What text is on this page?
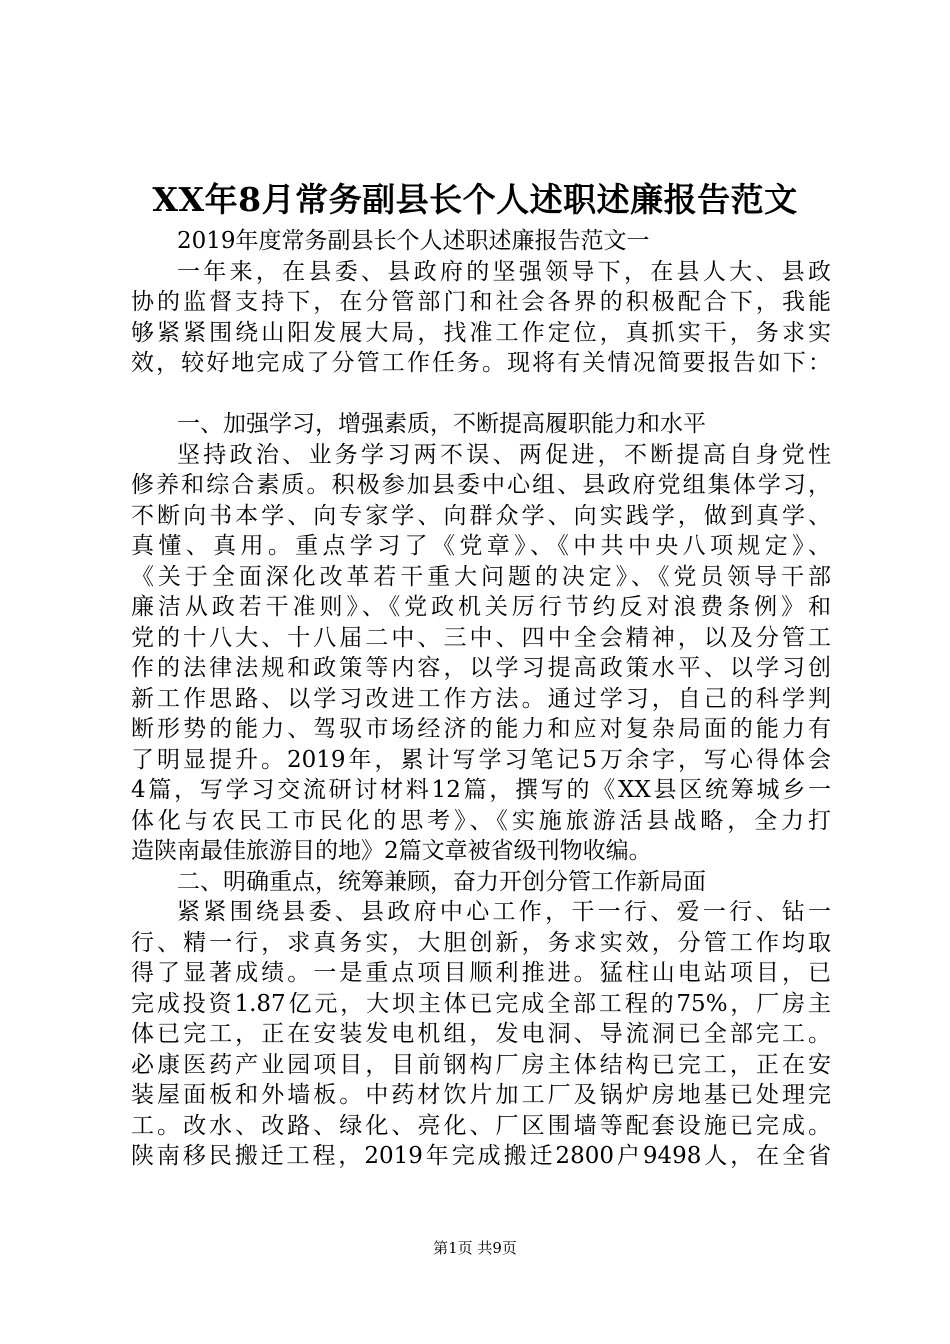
XX年8月常务副县长个人述职述廉报告范文
2019年度常务副县长个人述职述廉报告范文一
一年来，在县委、县政府的坚强领导下，在县人大、县政
协的监督支持下，在分管部门和社会各界的积极配合下，我能
够紧紧围绕山阳发展大局，找准工作定位，真抓实干，务求实
效，较好地完成了分管工作任务。现将有关情况简要报告如下：
一、加强学习，增强素质，不断提高履职能力和水平
坚持政治、业务学习两不误、两促进，不断提高自身党性
修养和综合素质。积极参加县委中心组、县政府党组集体学习，
不断向书本学、向专家学、向群众学、向实践学，做到真学、
真懂、真用。重点学习了《党章》、《中共中央八项规定》、
《关于全面深化改革若干重大问题的决定》、《党员领导干部
廉洁从政若干准则》、《党政机关厉行节约反对浪费条例》和
党的十八大、十八届二中、三中、四中全会精神，以及分管工
作的法律法规和政策等内容，以学习提高政策水平、以学习创
新工作思路、以学习改进工作方法。通过学习，自己的科学判
断形势的能力、驾驭市场经济的能力和应对复杂局面的能力有
了明显提升。2019年，累计写学习笔记5万余字，写心得体会
4篇，写学习交流研讨材料12篇，撰写的《XX县区统筹城乡一
体化与农民工市民化的思考》、《实施旅游活县战略，全力打
造陕南最佳旅游目的地》2篇文章被省级刊物收编。
二、明确重点，统筹兼顾，奋力开创分管工作新局面
紧紧围绕县委、县政府中心工作，干一行、爱一行、钻一
行、精一行，求真务实，大胆创新，务求实效，分管工作均取
得了显著成绩。一是重点项目顺利推进。猛柱山电站项目，已
完成投资1.87亿元，大坝主体已完成全部工程的75%，厂房主
体已完工，正在安装发电机组，发电洞、导流洞已全部完工。
必康医药产业园项目，目前钢构厂房主体结构已完工，正在安
装屋面板和外墙板。中药材饮片加工厂及锅炉房地基已处理完
工。改水、改路、绿化、亮化、厂区围墙等配套设施已完成。
陕南移民搬迁工程，2019年完成搬迁2800户9498人，在全省
第1页 共9页
